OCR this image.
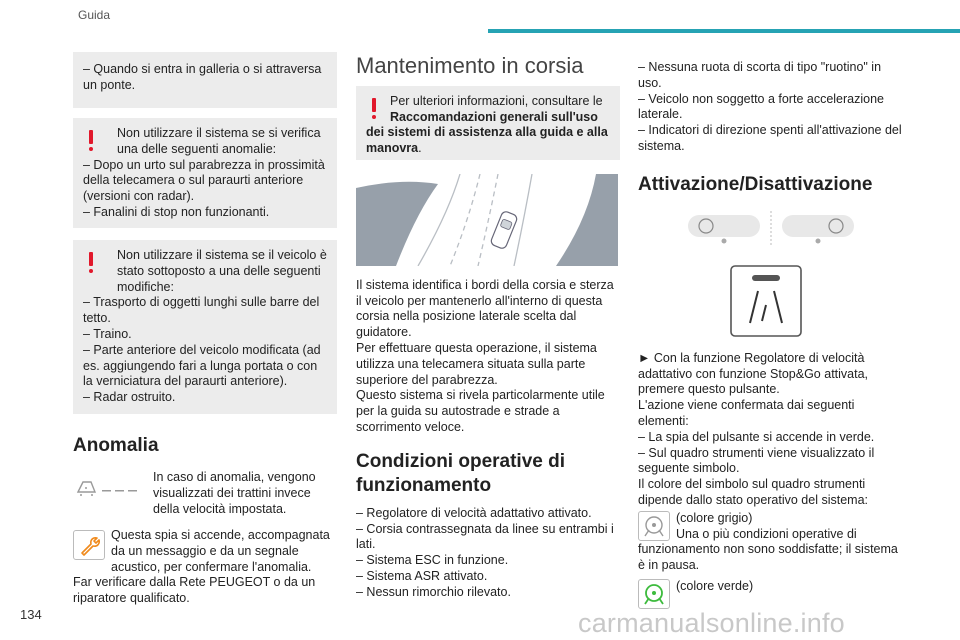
Guida

– Quando si entra in galleria o si attraversa un ponte.

Non utilizzare il sistema se si verifica una delle seguenti anomalie:

– Dopo un urto sul parabrezza in prossimità della telecamera o sul paraurti anteriore (versioni con radar).

– Fanalini di stop non funzionanti.

Non utilizzare il sistema se il veicolo è stato sottoposto a una delle seguenti modifiche:

– Trasporto di oggetti lunghi sulle barre del tetto.

– Traino.

– Parte anteriore del veicolo modificata (ad es. aggiungendo fari a lunga portata o con la verniciatura del paraurti anteriore).

– Radar ostruito.

Anomalia

In caso di anomalia, vengono visualizzati dei trattini invece della velocità impostata.

Questa spia si accende, accompagnata da un messaggio e da un segnale acustico, per confermare l'anomalia.

Far verificare dalla Rete PEUGEOT o da un riparatore qualificato.

Mantenimento in corsia

Per ulteriori informazioni, consultare le

Raccomandazioni generali sull'uso dei sistemi di assistenza alla guida e alla manovra.

Il sistema identifica i bordi della corsia e sterza il veicolo per mantenerlo all'interno di questa corsia nella posizione laterale scelta dal guidatore.

Per effettuare questa operazione, il sistema utilizza una telecamera situata sulla parte superiore del parabrezza.

Questo sistema si rivela particolarmente utile per la guida su autostrade e strade a scorrimento veloce.

Condizioni operative di funzionamento

– Regolatore di velocità adattativo attivato.

– Corsia contrassegnata da linee su entrambi i lati.

– Sistema ESC in funzione.

– Sistema ASR attivato.

– Nessun rimorchio rilevato.

– Nessuna ruota di scorta di tipo "ruotino" in uso.

– Veicolo non soggetto a forte accelerazione laterale.

– Indicatori di direzione spenti all'attivazione del sistema.

Attivazione/Disattivazione

► Con la funzione Regolatore di velocità adattativo con funzione Stop&Go attivata, premere questo pulsante.

L'azione viene confermata dai seguenti elementi:

– La spia del pulsante si accende in verde.

– Sul quadro strumenti viene visualizzato il seguente simbolo.

Il colore del simbolo sul quadro strumenti dipende dallo stato operativo del sistema:

(colore grigio)

Una o più condizioni operative di funzionamento non sono soddisfatte; il sistema è in pausa.

(colore verde)

134	carmanualsonline.info
